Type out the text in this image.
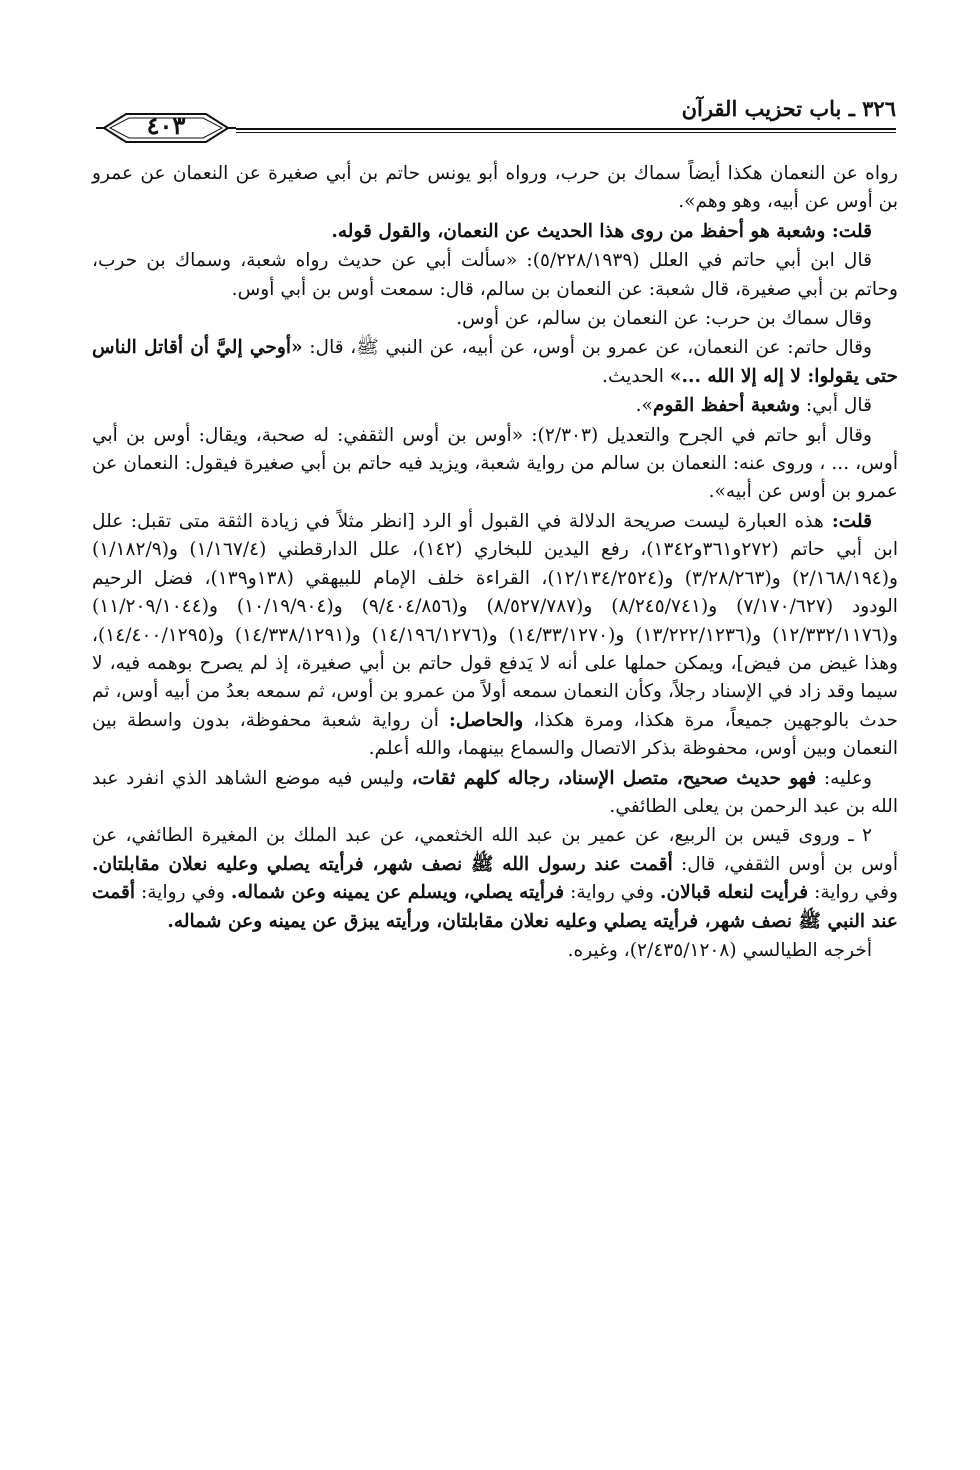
٣٢٦ ـ باب تحزيب القرآن
٤٠٣

رواه عن النعمان هكذا أيضاً سماك بن حرب، ورواه أبو يونس حاتم بن أبي صغيرة عن النعمان عن عمرو بن أوس عن أبيه، وهو وهم».

قلت: وشعبة هو أحفظ من روى هذا الحديث عن النعمان، والقول قوله.

قال ابن أبي حاتم في العلل (٥/٢٢٨/١٩٣٩): «سألت أبي عن حديث رواه شعبة، وسماك بن حرب، وحاتم بن أبي صغيرة، قال شعبة: عن النعمان بن سالم، قال: سمعت أوس بن أبي أوس.

وقال سماك بن حرب: عن النعمان بن سالم، عن أوس.

وقال حاتم: عن النعمان، عن عمرو بن أوس، عن أبيه، عن النبي ﷺ، قال: «أوحي إليَّ أن أقاتل الناس حتى يقولوا: لا إله إلا الله ...» الحديث.

قال أبي: وشعبة أحفظ القوم».

وقال أبو حاتم في الجرح والتعديل (٢/٣٠٣): «أوس بن أوس الثقفي: له صحبة، ويقال: أوس بن أبي أوس، ... ، وروى عنه: النعمان بن سالم من رواية شعبة، ويزيد فيه حاتم بن أبي صغيرة فيقول: النعمان عن عمرو بن أوس عن أبيه».

قلت: هذه العبارة ليست صريحة الدلالة في القبول أو الرد [انظر مثلاً في زيادة الثقة متى تقبل: علل ابن أبي حاتم (٢٧٢و٣٦١و١٣٤٢)، رفع اليدين للبخاري (١٤٢)، علل الدارقطني (١/١٦٧/٤) و(١/١٨٢/٩) و(٢/١٦٨/١٩٤) و(٣/٢٨/٢٦٣) و(١٢/١٣٤/٢٥٢٤)، القراءة خلف الإمام للبيهقي (١٣٨و١٣٩)، فضل الرحيم الودود (٧/١٧٠/٦٢٧) و(٨/٢٤٥/٧٤١) و(٨/٥٢٧/٧٨٧) و(٩/٤٠٤/٨٥٦) و(١٠/١٩/٩٠٤) و(١١/٢٠٩/١٠٤٤) و(١٢/٣٣٢/١١٧٦) و(١٣/٢٢٢/١٢٣٦) و(١٤/٣٣/١٢٧٠) و(١٤/١٩٦/١٢٧٦) و(١٤/٣٣٨/١٢٩١) و(١٤/٤٠٠/١٢٩٥)، وهذا غيض من فيض]، ويمكن حملها على أنه لا يَدفع قول حاتم بن أبي صغيرة، إذ لم يصرح بوهمه فيه، لا سيما وقد زاد في الإسناد رجلاً، وكأن النعمان سمعه أولاً من عمرو بن أوس، ثم سمعه بعدُ من أبيه أوس، ثم حدث بالوجهين جميعاً، مرة هكذا، ومرة هكذا، والحاصل: أن رواية شعبة محفوظة، بدون واسطة بين النعمان وبين أوس، محفوظة بذكر الاتصال والسماع بينهما، والله أعلم.

وعليه: فهو حديث صحيح، متصل الإسناد، رجاله كلهم ثقات، وليس فيه موضع الشاهد الذي انفرد عبد الله بن عبد الرحمن بن يعلى الطائفي.

٢ ـ وروى قيس بن الربيع، عن عمير بن عبد الله الخثعمي، عن عبد الملك بن المغيرة الطائفي، عن أوس بن أوس الثقفي، قال: أقمت عند رسول الله ﷺ نصف شهر، فرأيته يصلي وعليه نعلان مقابلتان. وفي رواية: فرأيت لنعله قبالان. وفي رواية: فرأيته يصلي، ويسلم عن يمينه وعن شماله. وفي رواية: أقمت عند النبي ﷺ نصف شهر، فرأيته يصلي وعليه نعلان مقابلتان، ورأيته يبزق عن يمينه وعن شماله.

أخرجه الطيالسي (٢/٤٣٥/١٢٠٨)، وغيره.
